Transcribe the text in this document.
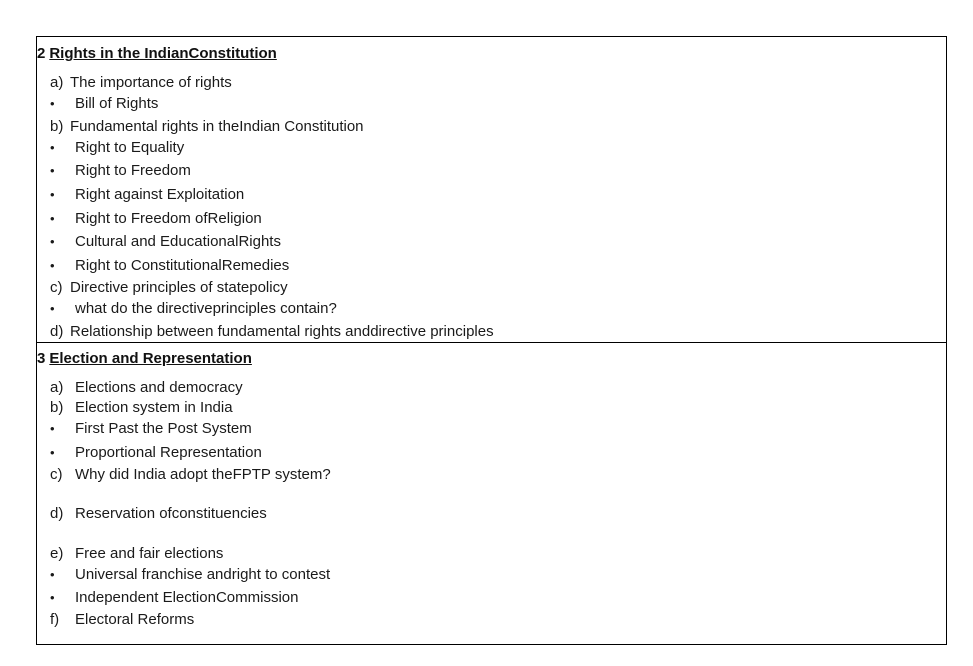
2 Rights in the IndianConstitution
a) The importance of rights
• Bill of Rights
b) Fundamental rights in theIndian Constitution
• Right to Equality
• Right to Freedom
• Right against Exploitation
• Right to Freedom ofReligion
• Cultural and EducationalRights
• Right to ConstitutionalRemedies
c) Directive principles of statepolicy
• what do the directiveprinciples contain?
d) Relationship between fundamental rights anddirective principles
3 Election and Representation
a) Elections and democracy
b) Election system in India
• First Past the Post System
• Proportional Representation
c) Why did India adopt theFPTP system?
d) Reservation ofconstituencies
e) Free and fair elections
• Universal franchise andright to contest
• Independent ElectionCommission
f) Electoral Reforms
